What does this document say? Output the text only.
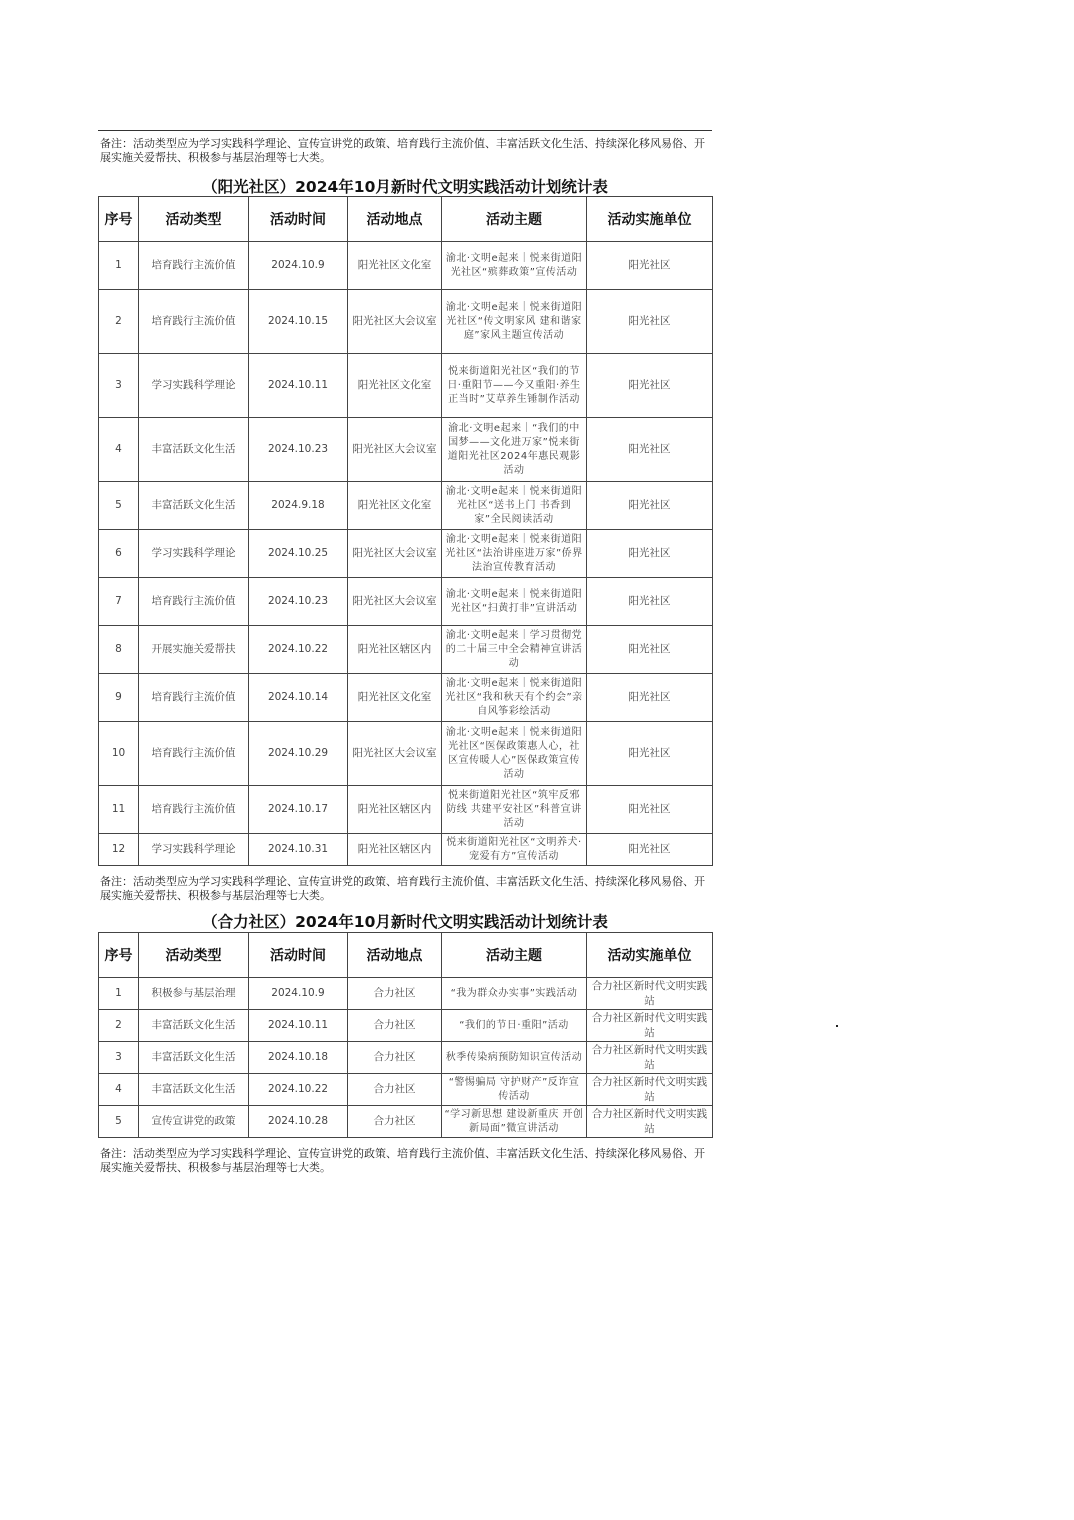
备注：活动类型应为学习实践科学理论、宣传宣讲党的政策、培育践行主流价值、丰富活跃文化生活、持续深化移风易俗、开展实施关爱帮扶、积极参与基层治理等七大类。
（阳光社区）2024年10月新时代文明实践活动计划统计表
序号	活动类型	活动时间	活动地点	活动主题	活动实施单位
1	培育践行主流价值	2024.10.9	阳光社区文化室	渝北·文明e起来｜悦来街道阳光社区“殡葬政策”宣传活动	阳光社区
2	培育践行主流价值	2024.10.15	阳光社区大会议室	渝北·文明e起来｜悦来街道阳光社区“传文明家风 建和谐家庭”家风主题宣传活动	阳光社区
3	学习实践科学理论	2024.10.11	阳光社区文化室	悦来街道阳光社区“我们的节日·重阳节——今又重阳·养生正当时”艾草养生锤制作活动	阳光社区
4	丰富活跃文化生活	2024.10.23	阳光社区大会议室	渝北·文明e起来｜“我们的中国梦——文化进万家”悦来街道阳光社区2024年惠民观影活动	阳光社区
5	丰富活跃文化生活	2024.9.18	阳光社区文化室	渝北·文明e起来｜悦来街道阳光社区“送书上门 书香到家”全民阅读活动	阳光社区
6	学习实践科学理论	2024.10.25	阳光社区大会议室	渝北·文明e起来｜悦来街道阳光社区“法治讲座进万家”侨界法治宣传教育活动	阳光社区
7	培育践行主流价值	2024.10.23	阳光社区大会议室	渝北·文明e起来｜悦来街道阳光社区“扫黄打非”宣讲活动	阳光社区
8	开展实施关爱帮扶	2024.10.22	阳光社区辖区内	渝北·文明e起来｜学习贯彻党的二十届三中全会精神宣讲活动	阳光社区
9	培育践行主流价值	2024.10.14	阳光社区文化室	渝北·文明e起来｜悦来街道阳光社区“我和秋天有个约会”亲自风筝彩绘活动	阳光社区
10	培育践行主流价值	2024.10.29	阳光社区大会议室	渝北·文明e起来｜悦来街道阳光社区“医保政策惠人心，社区宣传暖人心”医保政策宣传活动	阳光社区
11	培育践行主流价值	2024.10.17	阳光社区辖区内	悦来街道阳光社区“筑牢反邪防线 共建平安社区”科普宣讲活动	阳光社区
12	学习实践科学理论	2024.10.31	阳光社区辖区内	悦来街道阳光社区“文明养犬·宠爱有方”宣传活动	阳光社区
备注：活动类型应为学习实践科学理论、宣传宣讲党的政策、培育践行主流价值、丰富活跃文化生活、持续深化移风易俗、开展实施关爱帮扶、积极参与基层治理等七大类。
（合力社区）2024年10月新时代文明实践活动计划统计表
序号	活动类型	活动时间	活动地点	活动主题	活动实施单位
1	积极参与基层治理	2024.10.9	合力社区	“我为群众办实事”实践活动	合力社区新时代文明实践站
2	丰富活跃文化生活	2024.10.11	合力社区	“我们的节日·重阳”活动	合力社区新时代文明实践站
3	丰富活跃文化生活	2024.10.18	合力社区	秋季传染病预防知识宣传活动	合力社区新时代文明实践站
4	丰富活跃文化生活	2024.10.22	合力社区	“警惕骗局 守护财产”反诈宣传活动	合力社区新时代文明实践站
5	宣传宣讲党的政策	2024.10.28	合力社区	“学习新思想 建设新重庆 开创新局面”微宣讲活动	合力社区新时代文明实践站
备注：活动类型应为学习实践科学理论、宣传宣讲党的政策、培育践行主流价值、丰富活跃文化生活、持续深化移风易俗、开展实施关爱帮扶、积极参与基层治理等七大类。
